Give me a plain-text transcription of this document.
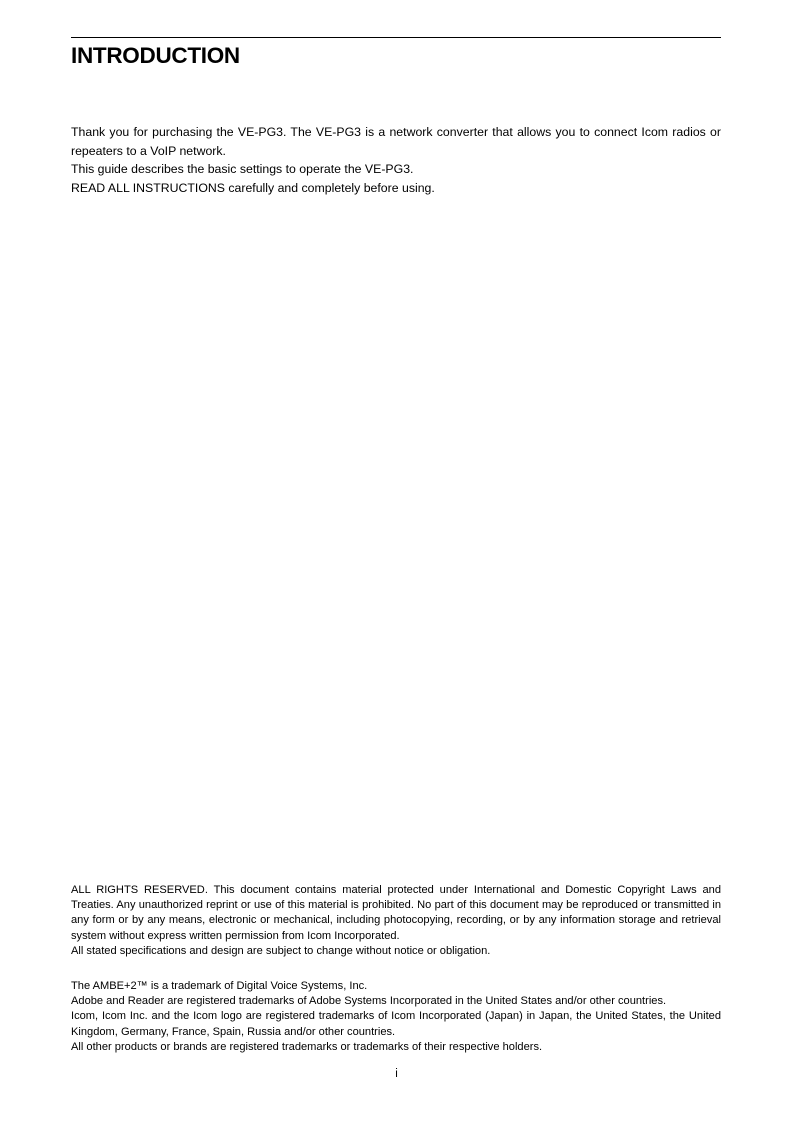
INTRODUCTION

Thank you for purchasing the VE-PG3. The VE-PG3 is a network converter that allows you to connect Icom radios or repeaters to a VoIP network.

This guide describes the basic settings to operate the VE-PG3.

READ ALL INSTRUCTIONS carefully and completely before using.

ALL RIGHTS RESERVED. This document contains material protected under International and Domestic Copyright Laws and Treaties. Any unauthorized reprint or use of this material is prohibited. No part of this document may be reproduced or transmitted in any form or by any means, electronic or mechanical, including photocopying, recording, or by any information storage and retrieval system without express written permission from Icom Incorporated.

All stated specifications and design are subject to change without notice or obligation.

The AMBE+2™ is a trademark of Digital Voice Systems, Inc.

Adobe and Reader are registered trademarks of Adobe Systems Incorporated in the United States and/or other countries.

Icom, Icom Inc. and the Icom logo are registered trademarks of Icom Incorporated (Japan) in Japan, the United States, the United Kingdom, Germany, France, Spain, Russia and/or other countries.

All other products or brands are registered trademarks or trademarks of their respective holders.

i
